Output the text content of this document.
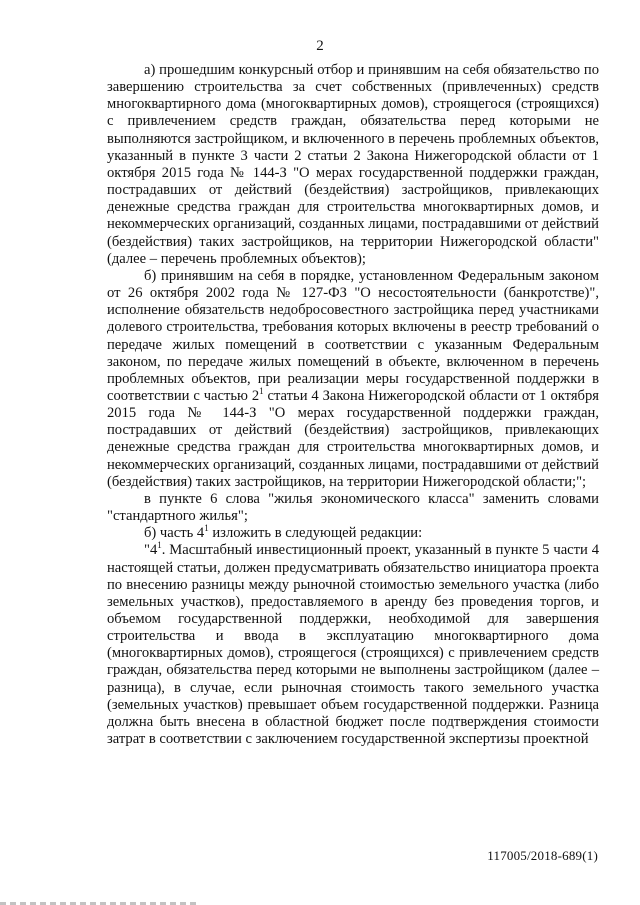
2

а) прошедшим конкурсный отбор и принявшим на себя обязательство по завершению строительства за счет собственных (привлеченных) средств многоквартирного дома (многоквартирных домов), строящегося (строящихся) с привлечением средств граждан, обязательства перед которыми не выполняются застройщиком, и включенного в перечень проблемных объектов, указанный в пункте 3 части 2 статьи 2 Закона Нижегородской области от 1 октября 2015 года № 144-З "О мерах государственной поддержки граждан, пострадавших от действий (бездействия) застройщиков, привлекающих денежные средства граждан для строительства многоквартирных домов, и некоммерческих организаций, созданных лицами, пострадавшими от действий (бездействия) таких застройщиков, на территории Нижегородской области" (далее – перечень проблемных объектов);

б) принявшим на себя в порядке, установленном Федеральным законом от 26 октября 2002 года № 127-ФЗ "О несостоятельности (банкротстве)", исполнение обязательств недобросовестного застройщика перед участниками долевого строительства, требования которых включены в реестр требований о передаче жилых помещений в соответствии с указанным Федеральным законом, по передаче жилых помещений в объекте, включенном в перечень проблемных объектов, при реализации меры государственной поддержки в соответствии с частью $2^1$ статьи 4 Закона Нижегородской области от 1 октября 2015 года № 144-З "О мерах государственной поддержки граждан, пострадавших от действий (бездействия) застройщиков, привлекающих денежные средства граждан для строительства многоквартирных домов, и некоммерческих организаций, созданных лицами, пострадавшими от действий (бездействия) таких застройщиков, на территории Нижегородской области;";

в пункте 6 слова "жилья экономического класса" заменить словами "стандартного жилья";

б) часть $4^1$ изложить в следующей редакции:

"$4^1$. Масштабный инвестиционный проект, указанный в пункте 5 части 4 настоящей статьи, должен предусматривать обязательство инициатора проекта по внесению разницы между рыночной стоимостью земельного участка (либо земельных участков), предоставляемого в аренду без проведения торгов, и объемом государственной поддержки, необходимой для завершения строительства и ввода в эксплуатацию многоквартирного дома (многоквартирных домов), строящегося (строящихся) с привлечением средств граждан, обязательства перед которыми не выполнены застройщиком (далее – разница), в случае, если рыночная стоимость такого земельного участка (земельных участков) превышает объем государственной поддержки. Разница должна быть внесена в областной бюджет после подтверждения стоимости затрат в соответствии с заключением государственной экспертизы проектной

117005/2018-689(1)
